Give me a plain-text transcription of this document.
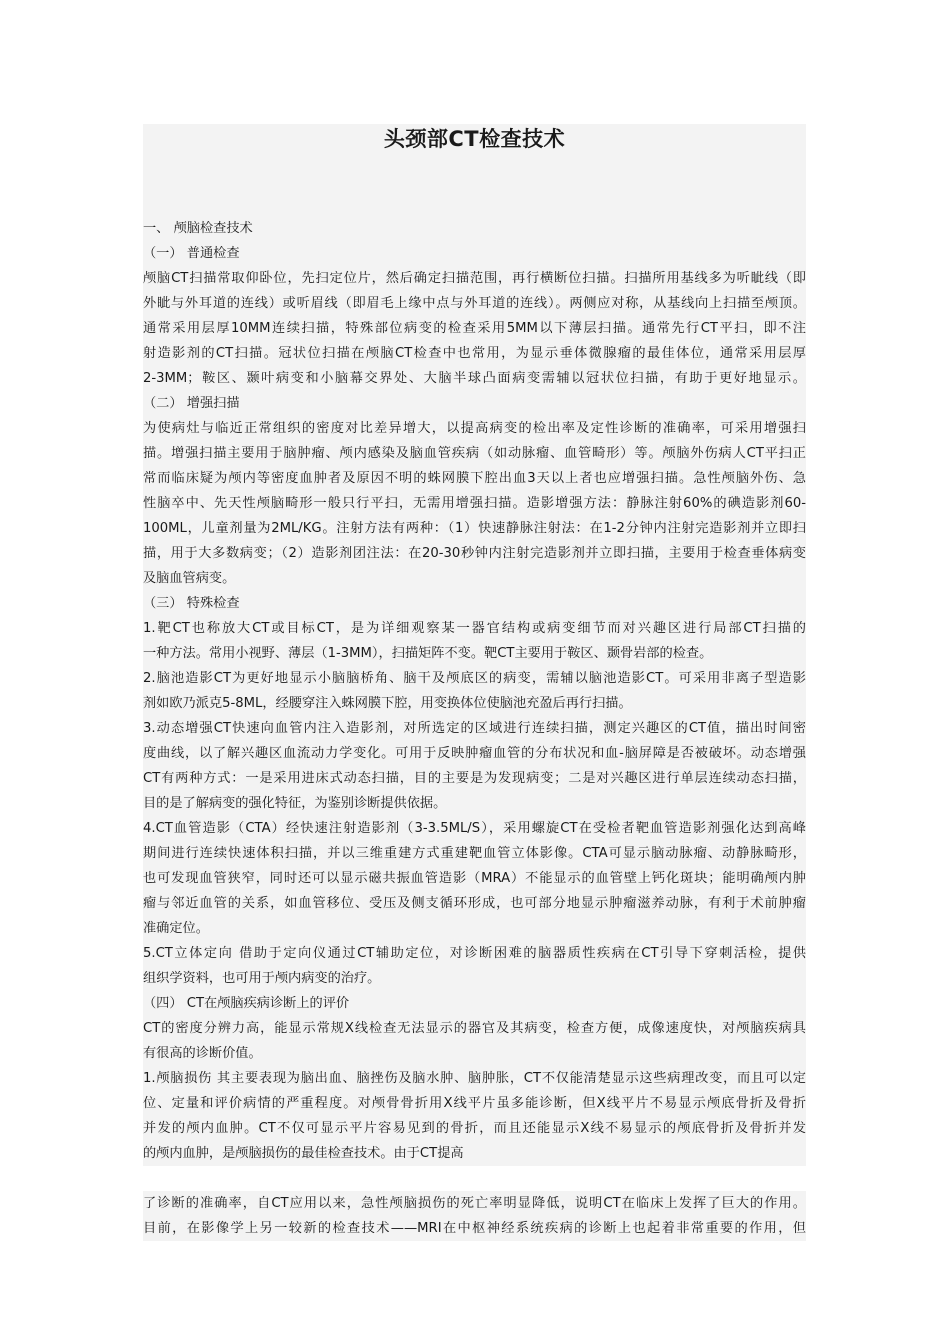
头颈部CT检查技术
一、 颅脑检查技术
（一） 普通检查
颅脑CT扫描常取仰卧位，先扫定位片，然后确定扫描范围，再行横断位扫描。扫描所用基线多为听眦线（即
外眦与外耳道的连线）或听眉线（即眉毛上缘中点与外耳道的连线）。两侧应对称，从基线向上扫描至颅顶。
通常采用层厚10MM连续扫描，特殊部位病变的检查采用5MM以下薄层扫描。通常先行CT平扫，即不注
射造影剂的CT扫描。冠状位扫描在颅脑CT检查中也常用，为显示垂体微腺瘤的最佳体位，通常采用层厚
2-3MM；鞍区、颞叶病变和小脑幕交界处、大脑半球凸面病变需辅以冠状位扫描，有助于更好地显示。
（二） 增强扫描
为使病灶与临近正常组织的密度对比差异增大，以提高病变的检出率及定性诊断的准确率，可采用增强扫
描。增强扫描主要用于脑肿瘤、颅内感染及脑血管疾病（如动脉瘤、血管畸形）等。颅脑外伤病人CT平扫正
常而临床疑为颅内等密度血肿者及原因不明的蛛网膜下腔出血3天以上者也应增强扫描。急性颅脑外伤、急
性脑卒中、先天性颅脑畸形一般只行平扫，无需用增强扫描。造影增强方法：静脉注射60%的碘造影剂60-
100ML，儿童剂量为2ML/KG。注射方法有两种：（1）快速静脉注射法：在1-2分钟内注射完造影剂并立即扫
描，用于大多数病变；（2）造影剂团注法：在20-30秒钟内注射完造影剂并立即扫描，主要用于检查垂体病变
及脑血管病变。
（三） 特殊检查
1.靶CT也称放大CT或目标CT，是为详细观察某一器官结构或病变细节而对兴趣区进行局部CT扫描的
一种方法。常用小视野、薄层（1-3MM），扫描矩阵不变。靶CT主要用于鞍区、颞骨岩部的检查。
2.脑池造影CT为更好地显示小脑脑桥角、脑干及颅底区的病变，需辅以脑池造影CT。可采用非离子型造影
剂如欧乃派克5-8ML，经腰穿注入蛛网膜下腔，用变换体位使脑池充盈后再行扫描。
3.动态增强CT快速向血管内注入造影剂，对所选定的区域进行连续扫描，测定兴趣区的CT值，描出时间密
度曲线，以了解兴趣区血流动力学变化。可用于反映肿瘤血管的分布状况和血-脑屏障是否被破坏。动态增强
CT有两种方式：一是采用进床式动态扫描，目的主要是为发现病变；二是对兴趣区进行单层连续动态扫描，
目的是了解病变的强化特征，为鉴别诊断提供依据。
4.CT血管造影（CTA）经快速注射造影剂（3-3.5ML/S），采用螺旋CT在受检者靶血管造影剂强化达到高峰
期间进行连续快速体积扫描，并以三维重建方式重建靶血管立体影像。CTA可显示脑动脉瘤、动静脉畸形，
也可发现血管狭窄，同时还可以显示磁共振血管造影（MRA）不能显示的血管壁上钙化斑块；能明确颅内肿
瘤与邻近血管的关系，如血管移位、受压及侧支循环形成，也可部分地显示肿瘤滋养动脉，有利于术前肿瘤
准确定位。
5.CT立体定向 借助于定向仪通过CT辅助定位，对诊断困难的脑器质性疾病在CT引导下穿刺活检，提供
组织学资料，也可用于颅内病变的治疗。
（四） CT在颅脑疾病诊断上的评价
CT的密度分辨力高，能显示常规X线检查无法显示的器官及其病变，检查方便，成像速度快，对颅脑疾病具
有很高的诊断价值。
1.颅脑损伤 其主要表现为脑出血、脑挫伤及脑水肿、脑肿胀，CT不仅能清楚显示这些病理改变，而且可以定
位、定量和评价病情的严重程度。对颅骨骨折用X线平片虽多能诊断，但X线平片不易显示颅底骨折及骨折
并发的颅内血肿。CT不仅可显示平片容易见到的骨折，而且还能显示X线不易显示的颅底骨折及骨折并发
的颅内血肿，是颅脑损伤的最佳检查技术。由于CT提高
了诊断的准确率，自CT应用以来，急性颅脑损伤的死亡率明显降低，说明CT在临床上发挥了巨大的作用。
目前，在影像学上另一较新的检查技术——MRI在中枢神经系统疾病的诊断上也起着非常重要的作用，但
